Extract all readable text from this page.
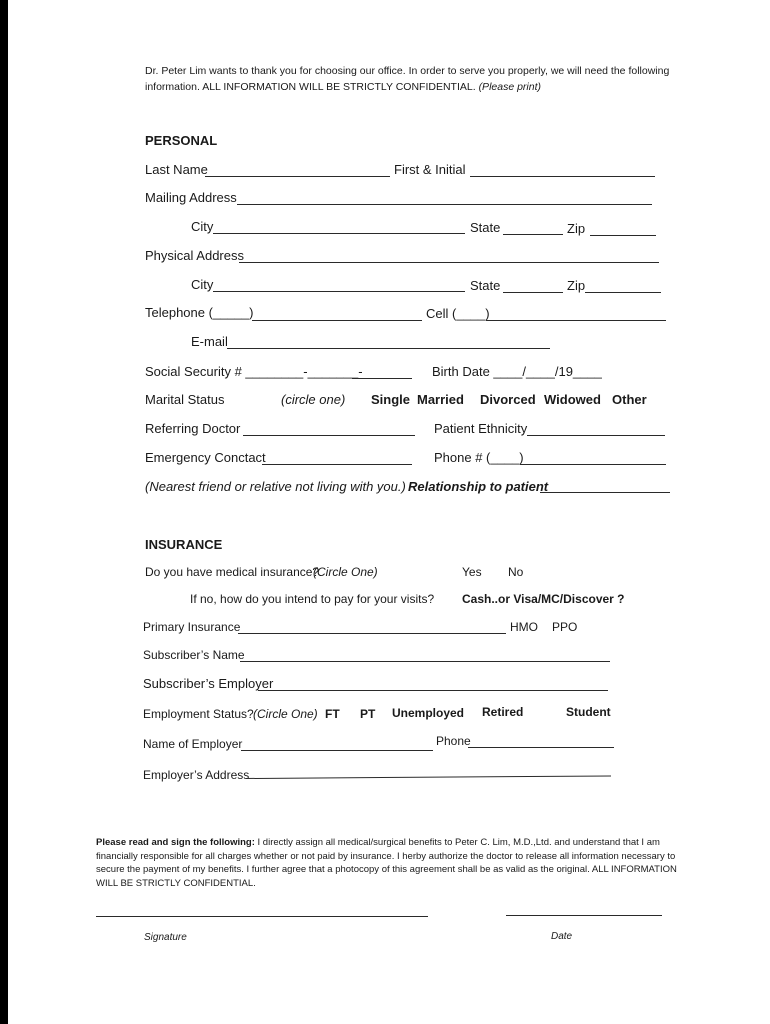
Dr. Peter Lim wants to thank you for choosing our office. In order to serve you properly, we will need the following information. ALL INFORMATION WILL BE STRICTLY CONFIDENTIAL. (Please print)
PERSONAL
Last Name	First & Initial
Mailing Address
City	State	Zip
Physical Address
City	State	Zip
Telephone (_____)	Cell (____)
E-mail
Social Security # ________-_______-	Birth Date ____/____/19____
Marital Status	(circle one) Single Married Divorced Widowed Other
Referring Doctor	Patient Ethnicity
Emergency Conctact	Phone # (____)
(Nearest friend or relative not living with you.) Relationship to patient
INSURANCE
Do you have medical insurance?
(Circle One)	Yes No
If no, how do you intend to pay for your visits? Cash..or Visa/MC/Discover ?
Primary Insurance	HMO PPO
Subscriber’s Name
Subscriber’s Employer
Employment Status? (Circle One) FT PT Unemployed Retired	Student
Name of Employer	Phone
Employer’s Address
Please read and sign the following: I directly assign all medical/surgical benefits to Peter C. Lim, M.D.,Ltd. and understand that I am financially responsible for all charges whether or not paid by insurance. I herby authorize the doctor to release all information necessary to secure the payment of my benefits. I further agree that a photocopy of this agreement shall be as valid as the original. ALL INFORMATION WILL BE STRICTLY CONFIDENTIAL.
Signature	Date
